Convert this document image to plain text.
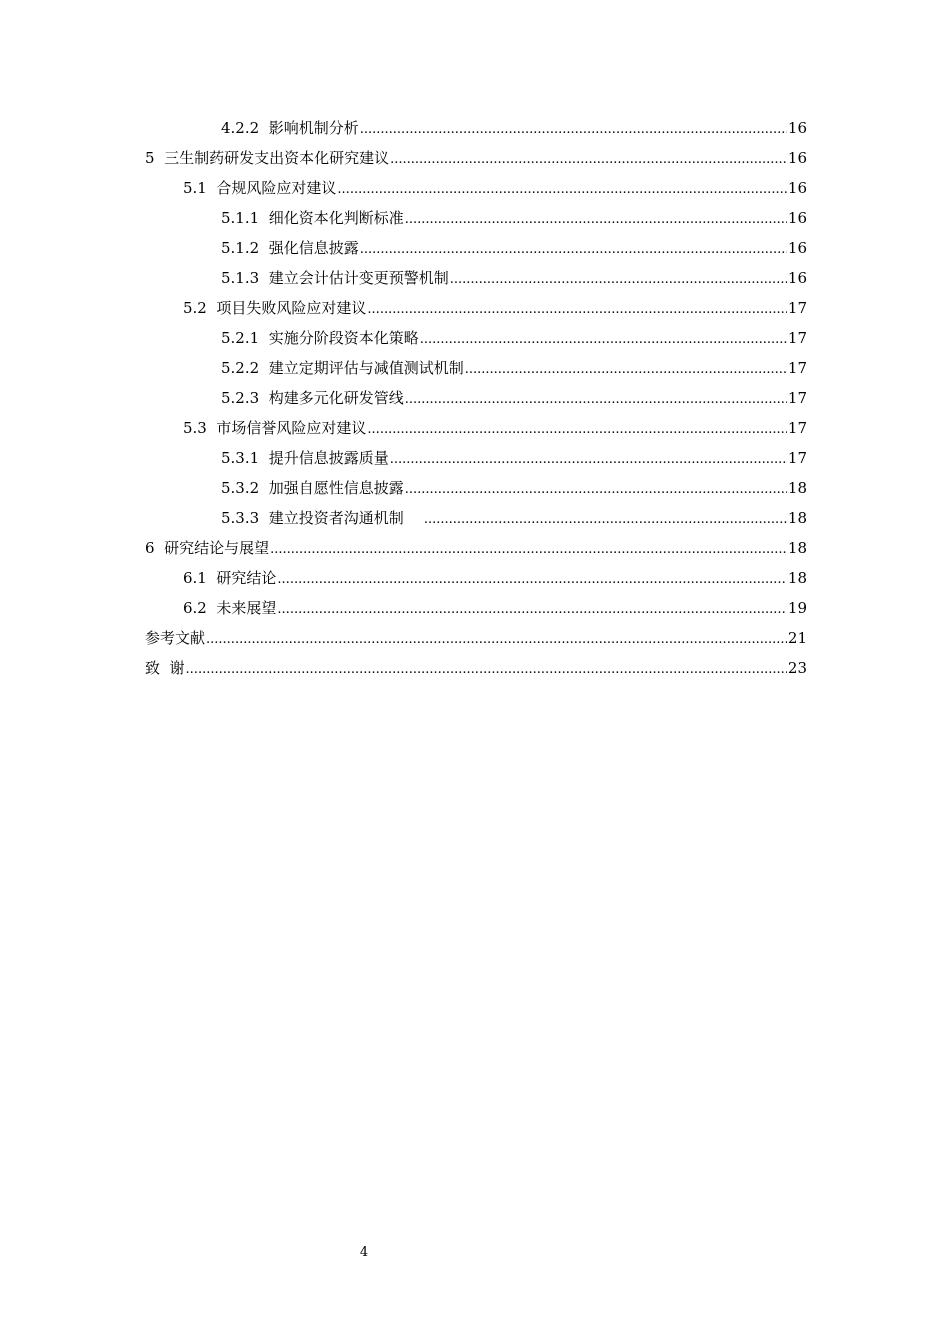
4.2.2 影响机制分析 .....	16
5 三生制药研发支出资本化研究建议 .....	16
5.1 合规风险应对建议 .....	16
5.1.1 细化资本化判断标准 .....	16
5.1.2 强化信息披露 .....	16
5.1.3 建立会计估计变更预警机制 .....	16
5.2 项目失败风险应对建议 .....	17
5.2.1 实施分阶段资本化策略 .....	17
5.2.2 建立定期评估与减值测试机制 .....	17
5.2.3 构建多元化研发管线 .....	17
5.3 市场信誉风险应对建议 .....	17
5.3.1 提升信息披露质量 .....	17
5.3.2 加强自愿性信息披露 .....	18
5.3.3 建立投资者沟通机制 .....	18
6 研究结论与展望 .....	18
6.1 研究结论 .....	18
6.2 未来展望 .....	19
参考文献 .....	21
致  谢 .....	23
4
